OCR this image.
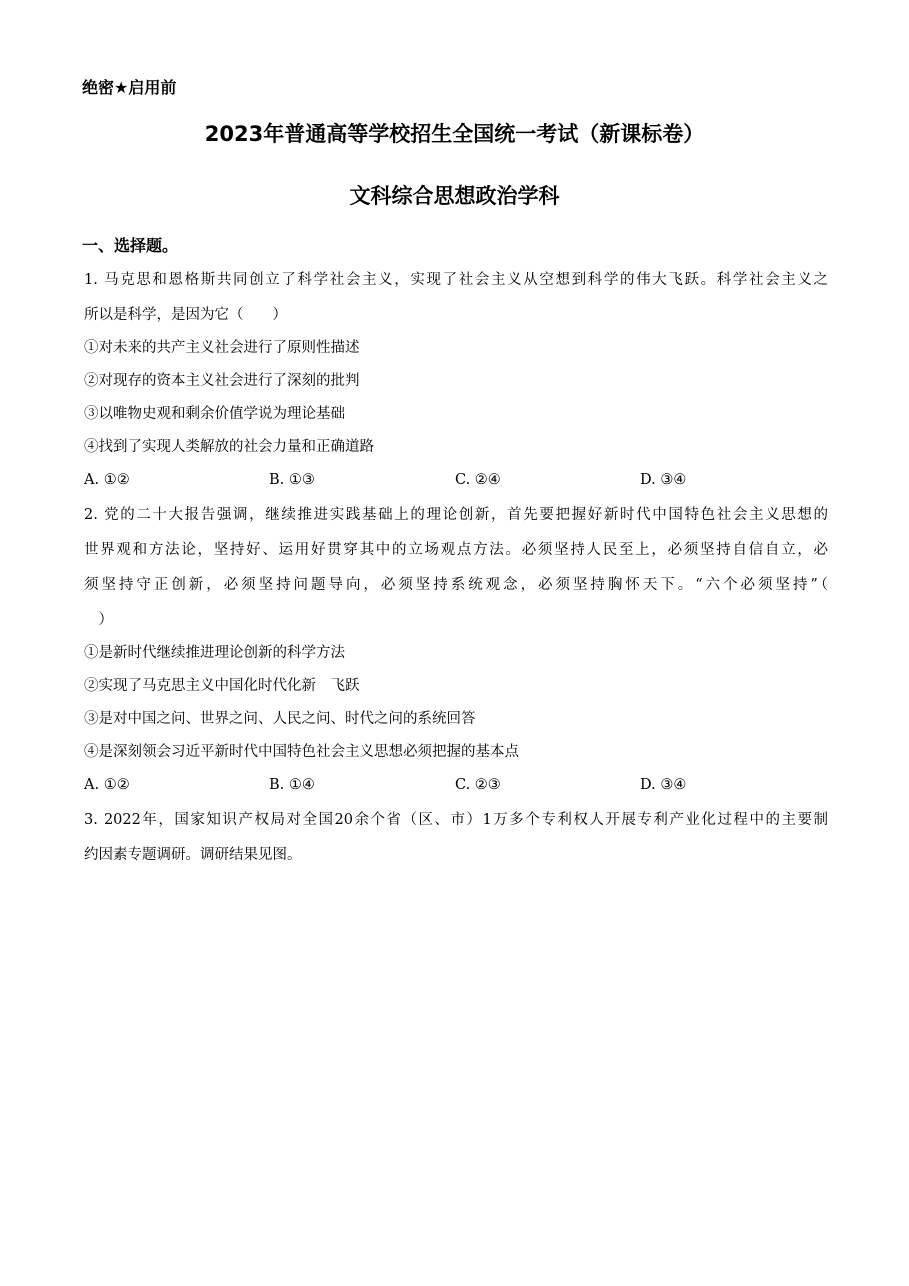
绝密★启用前
2023年普通高等学校招生全国统一考试（新课标卷）
文科综合思想政治学科
一、选择题。
1. 马克思和恩格斯共同创立了科学社会主义，实现了社会主义从空想到科学的伟大飞跃。科学社会主义之
所以是科学，是因为它（　　）
①对未来的共产主义社会进行了原则性描述
②对现存的资本主义社会进行了深刻的批判
③以唯物史观和剩余价值学说为理论基础
④找到了实现人类解放的社会力量和正确道路
A. ①②	B. ①③	C. ②④	D. ③④
2. 党的二十大报告强调，继续推进实践基础上的理论创新，首先要把握好新时代中国特色社会主义思想的
世界观和方法论，坚持好、运用好贯穿其中的立场观点方法。必须坚持人民至上，必须坚持自信自立，必
须坚持守正创新，必须坚持问题导向，必须坚持系统观念，必须坚持胸怀天下。“六个必须坚持”（
　）
①是新时代继续推进理论创新的科学方法
②实现了马克思主义中国化时代化新　飞跃
③是对中国之问、世界之问、人民之问、时代之问的系统回答
④是深刻领会习近平新时代中国特色社会主义思想必须把握的基本点
A. ①②	B. ①④	C. ②③	D. ③④
3. 2022年，国家知识产权局对全国20余个省（区、市）1万多个专利权人开展专利产业化过程中的主要制
约因素专题调研。调研结果见图。
